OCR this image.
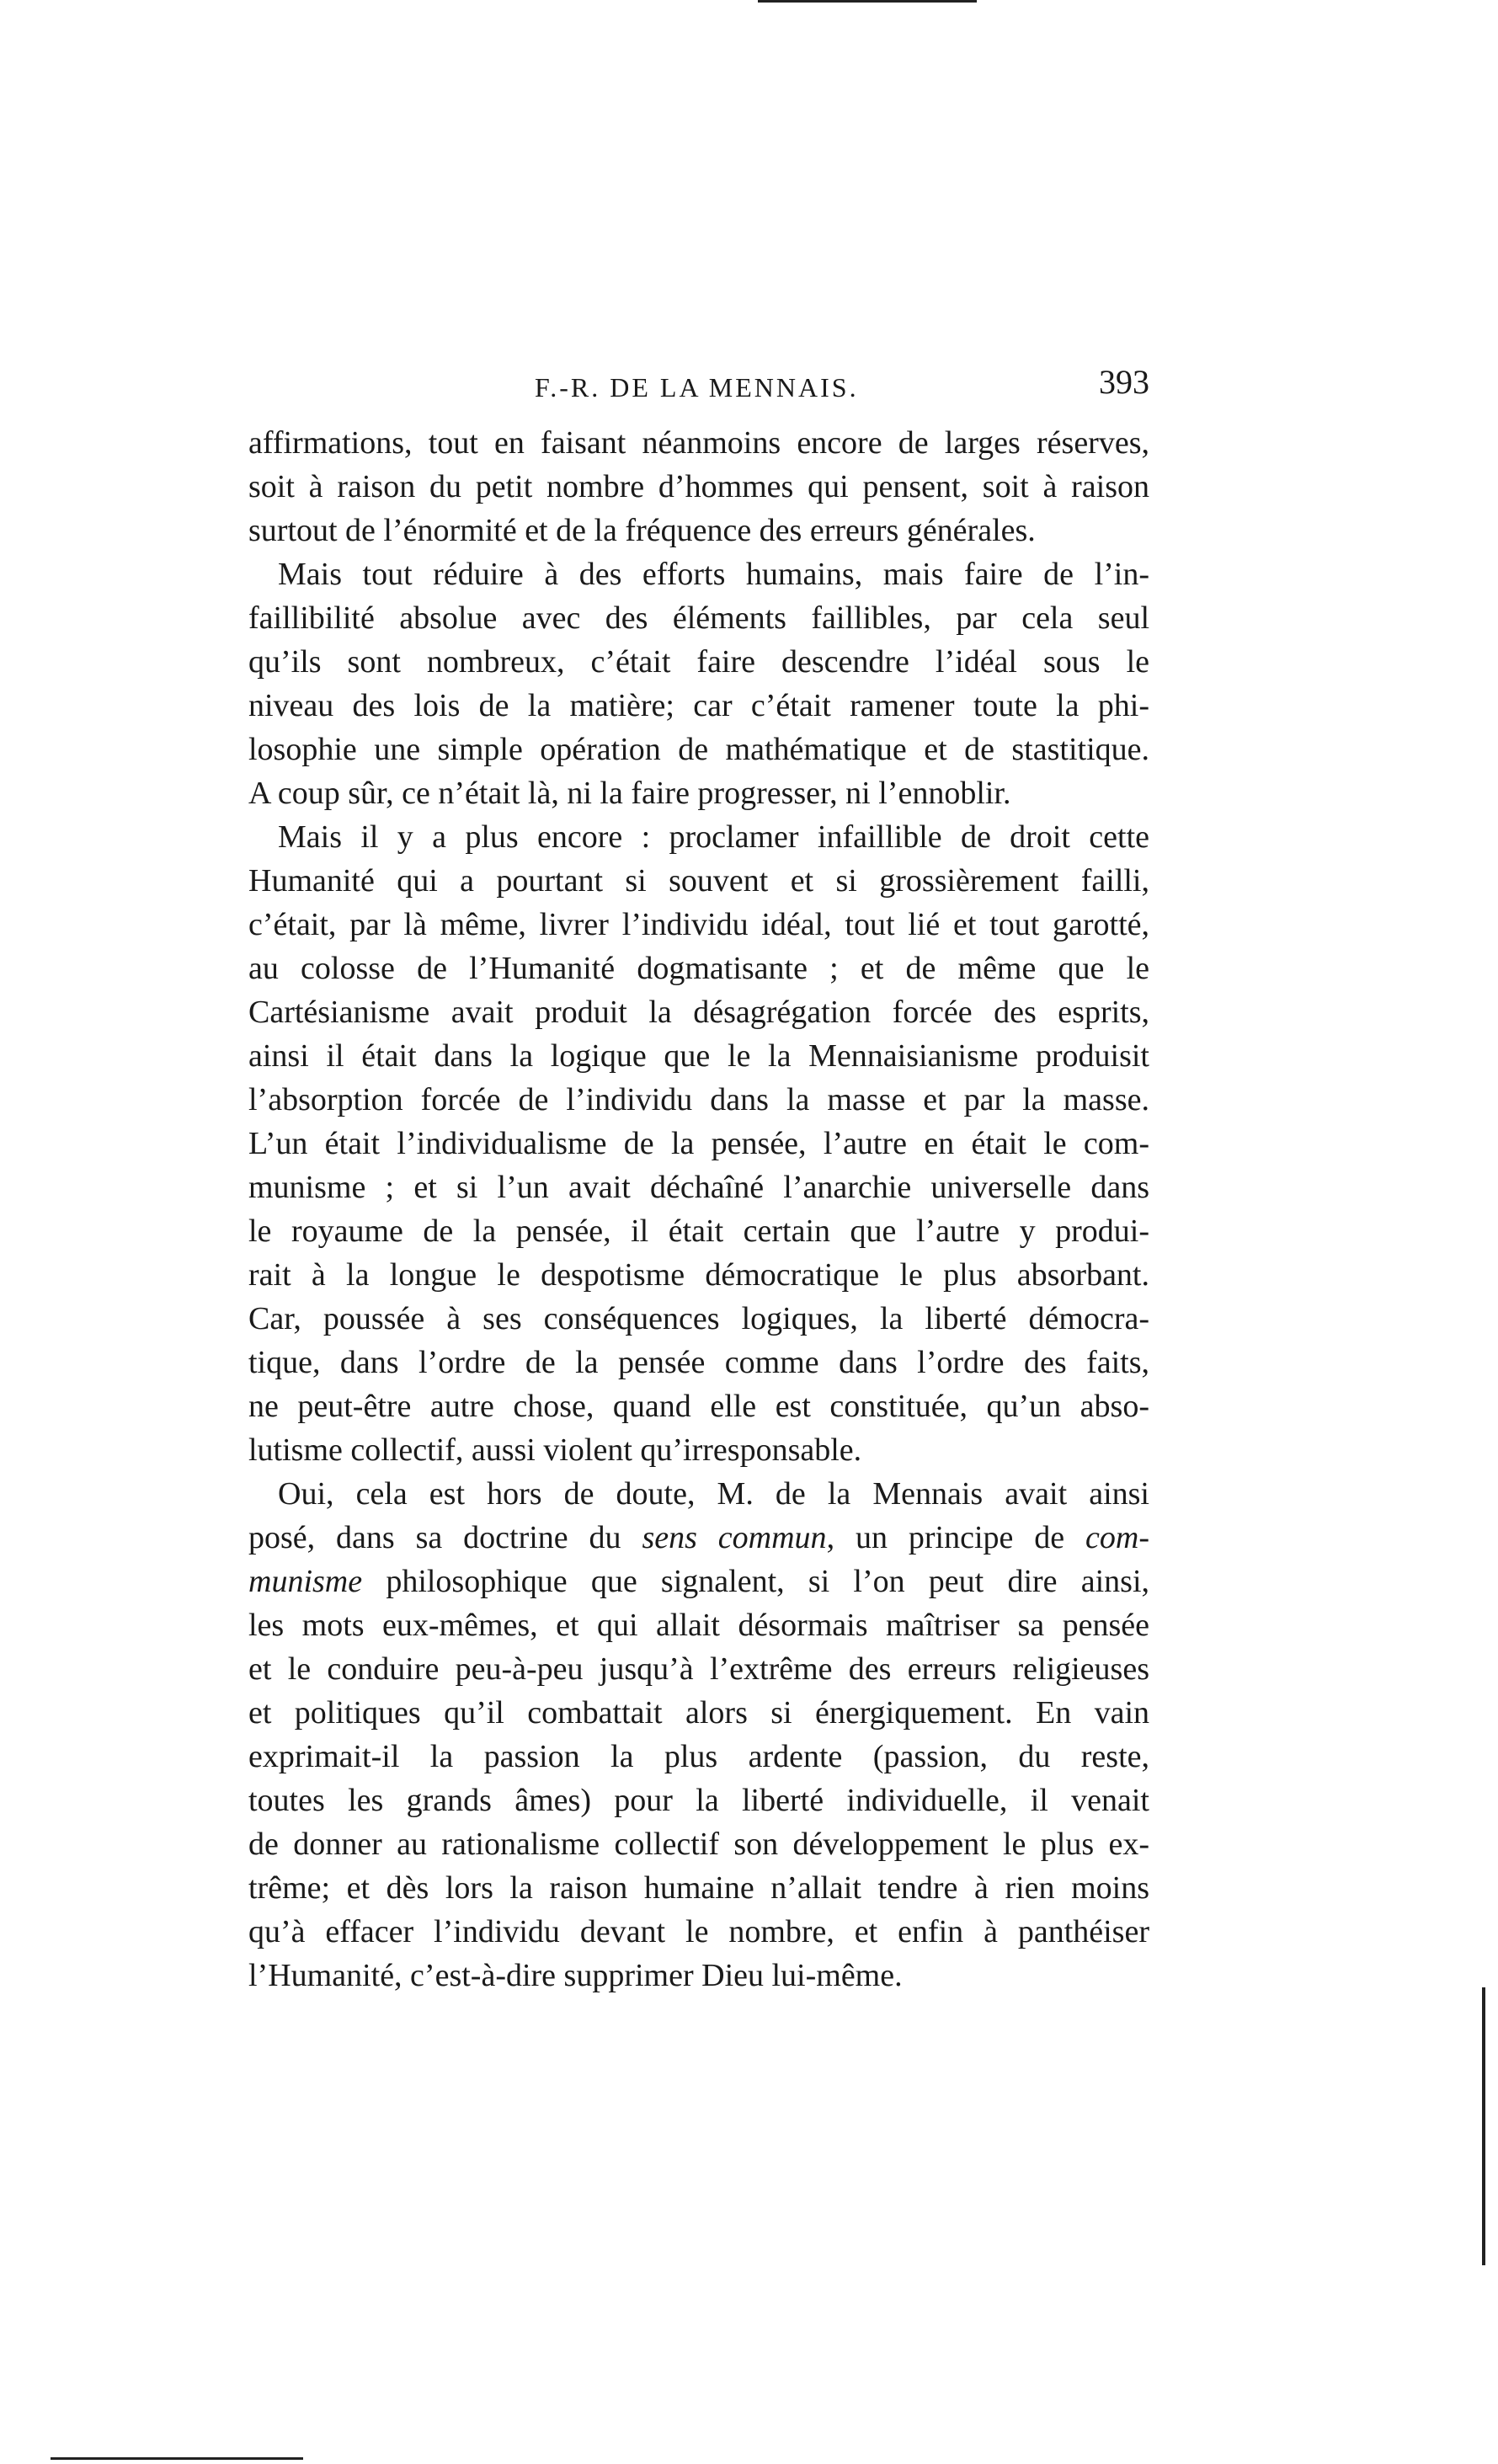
F.-R. DE LA MENNAIS.	393
affirmations, tout en faisant néanmoins encore de larges réserves,
soit à raison du petit nombre d’hommes qui pensent, soit à raison
surtout de l’énormité et de la fréquence des erreurs générales.
Mais tout réduire à des efforts humains, mais faire de l’in-
faillibilité absolue avec des éléments faillibles, par cela seul
qu’ils sont nombreux, c’était faire descendre l’idéal sous le
niveau des lois de la matière; car c’était ramener toute la phi-
losophie une simple opération de mathématique et de stastitique.
A coup sûr, ce n’était là, ni la faire progresser, ni l’ennoblir.
Mais il y a plus encore : proclamer infaillible de droit cette
Humanité qui a pourtant si souvent et si grossièrement failli,
c’était, par là même, livrer l’individu idéal, tout lié et tout garotté,
au colosse de l’Humanité dogmatisante ; et de même que le
Cartésianisme avait produit la désagrégation forcée des esprits,
ainsi il était dans la logique que le la Mennaisianisme produisit
l’absorption forcée de l’individu dans la masse et par la masse.
L’un était l’individualisme de la pensée, l’autre en était le com-
munisme ; et si l’un avait déchaîné l’anarchie universelle dans
le royaume de la pensée, il était certain que l’autre y produi-
rait à la longue le despotisme démocratique le plus absorbant.
Car, poussée à ses conséquences logiques, la liberté démocra-
tique, dans l’ordre de la pensée comme dans l’ordre des faits,
ne peut-être autre chose, quand elle est constituée, qu’un abso-
lutisme collectif, aussi violent qu’irresponsable.
Oui, cela est hors de doute, M. de la Mennais avait ainsi
posé, dans sa doctrine du sens commun, un principe de com-
munisme philosophique que signalent, si l’on peut dire ainsi,
les mots eux-mêmes, et qui allait désormais maîtriser sa pensée
et le conduire peu-à-peu jusqu’à l’extrême des erreurs religieuses
et politiques qu’il combattait alors si énergiquement. En vain
exprimait-il la passion la plus ardente (passion, du reste,
toutes les grands âmes) pour la liberté individuelle, il venait
de donner au rationalisme collectif son développement le plus ex-
trême; et dès lors la raison humaine n’allait tendre à rien moins
qu’à effacer l’individu devant le nombre, et enfin à panthéiser
l’Humanité, c’est-à-dire supprimer Dieu lui-même.
